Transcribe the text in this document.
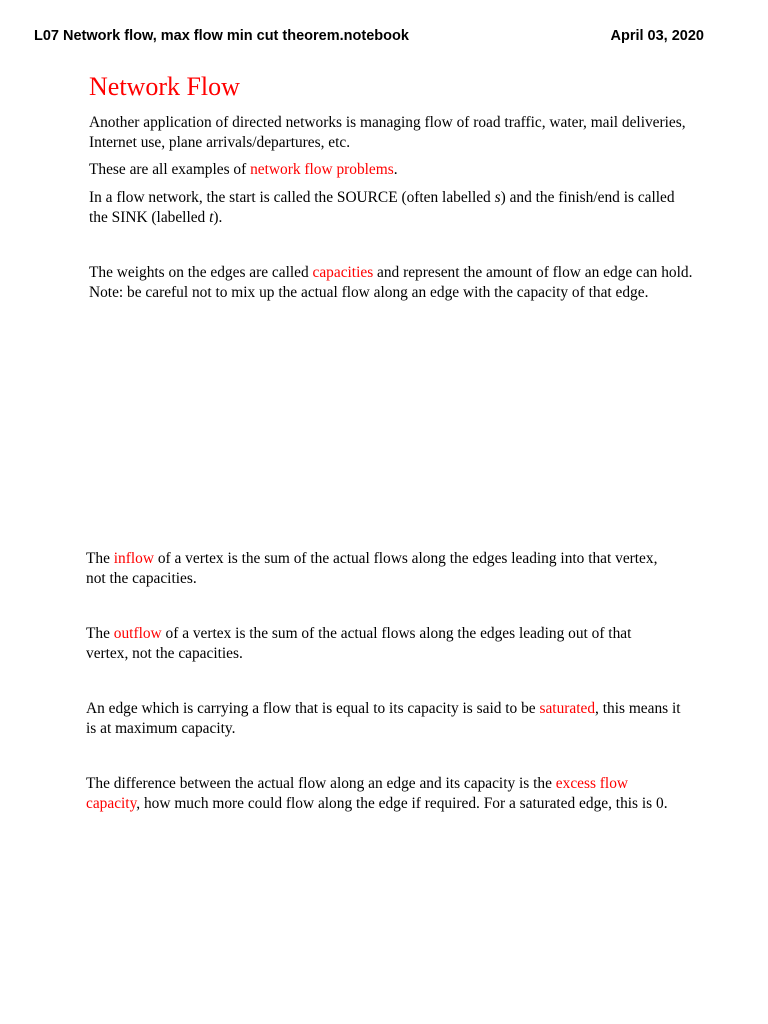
L07 Network flow, max flow min cut theorem.notebook	April 03, 2020
Network Flow

Another application of directed networks is managing flow of road traffic, water, mail deliveries, Internet use, plane arrivals/departures, etc.

These are all examples of network flow problems.

In a flow network, the start is called the SOURCE (often labelled s) and the finish/end is called the SINK (labelled t).

The weights on the edges are called capacities and represent the amount of flow an edge can hold. Note: be careful not to mix up the actual flow along an edge with the capacity of that edge.

The inflow of a vertex is the sum of the actual flows along the edges leading into that vertex, not the capacities.

The outflow of a vertex is the sum of the actual flows along the edges leading out of that vertex, not the capacities.

An edge which is carrying a flow that is equal to its capacity is said to be saturated, this means it is at maximum capacity.

The difference between the actual flow along an edge and its capacity is the excess flow capacity, how much more could flow along the edge if required. For a saturated edge, this is 0.
